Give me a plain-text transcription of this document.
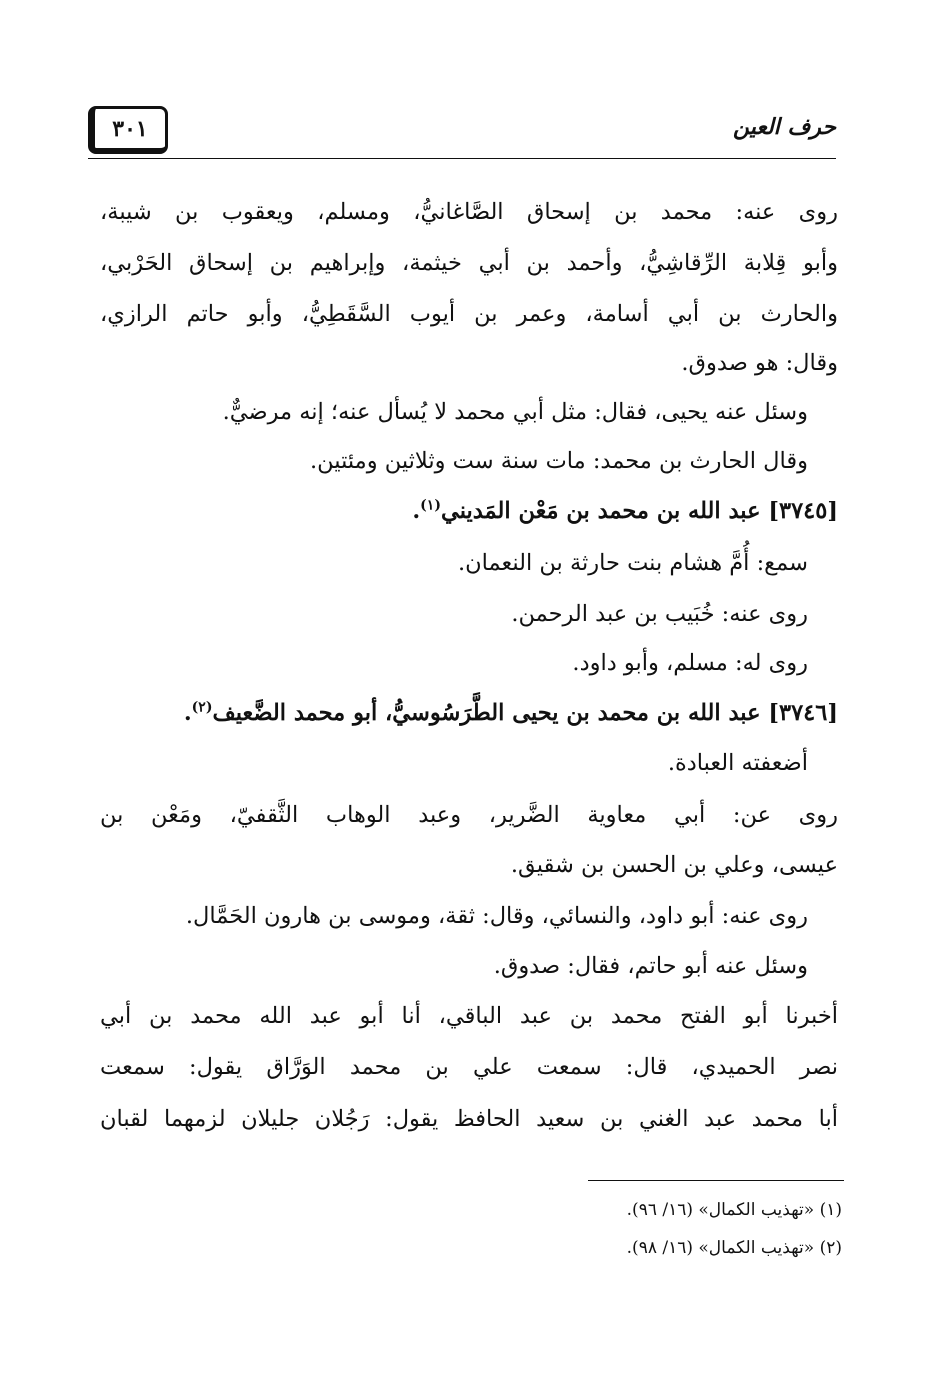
حرف العين
٣٠١
روى عنه: محمد بن إسحاق الصَّاغانيُّ، ومسلم، ويعقوب بن شيبة،
وأبو قِلابة الرِّقاشِيُّ، وأحمد بن أبي خيثمة، وإبراهيم بن إسحاق الحَرْبي،
والحارث بن أبي أسامة، وعمر بن أيوب السَّقَطِيُّ، وأبو حاتم الرازي،
وقال: هو صدوق.
وسئل عنه يحيى، فقال: مثل أبي محمد لا يُسأل عنه؛ إنه مرضيٌّ.
وقال الحارث بن محمد: مات سنة ست وثلاثين ومئتين.
[٣٧٤٥] عبد الله بن محمد بن مَعْن المَديني$^{(١)}$.
سمع: أُمَّ هشام بنت حارثة بن النعمان.
روى عنه: خُبَيب بن عبد الرحمن.
روى له: مسلم، وأبو داود.
[٣٧٤٦] عبد الله بن محمد بن يحيى الطَّرَسُوسيُّ، أبو محمد الضَّعيف$^{(٢)}$.
أضعفته العبادة.
روى عن: أبي معاوية الضَّرير، وعبد الوهاب الثَّقفيّ، ومَعْن بن
عيسى، وعلي بن الحسن بن شقيق.
روى عنه: أبو داود، والنسائي، وقال: ثقة، وموسى بن هارون الحَمَّال.
وسئل عنه أبو حاتم، فقال: صدوق.
أخبرنا أبو الفتح محمد بن عبد الباقي، أنا أبو عبد الله محمد بن أبي
نصر الحميدي، قال: سمعت علي بن محمد الوَرَّاق يقول: سمعت
أبا محمد عبد الغني بن سعيد الحافظ يقول: رَجُلان جليلان لزمهما لقبان
(١) «تهذيب الكمال» (١٦/ ٩٦).
(٢) «تهذيب الكمال» (١٦/ ٩٨).
